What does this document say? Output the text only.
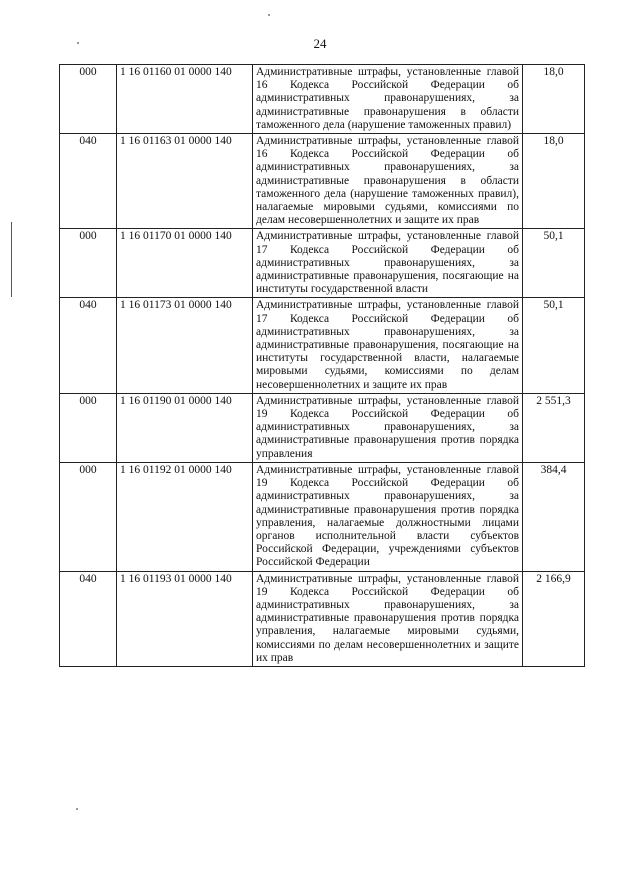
24
000	1 16 01160 01 0000 140	Административные штрафы, установленные главой 16 Кодекса Российской Федерации об административных правонарушениях, за административные правонарушения в области таможенного дела (нарушение таможенных правил)	18,0
040	1 16 01163 01 0000 140	Административные штрафы, установленные главой 16 Кодекса Российской Федерации об административных правонарушениях, за административные правонарушения в области таможенного дела (нарушение таможенных правил), налагаемые мировыми судьями, комиссиями по делам несовершеннолетних и защите их прав	18,0
000	1 16 01170 01 0000 140	Административные штрафы, установленные главой 17 Кодекса Российской Федерации об административных правонарушениях, за административные правонарушения, посягающие на институты государственной власти	50,1
040	1 16 01173 01 0000 140	Административные штрафы, установленные главой 17 Кодекса Российской Федерации об административных правонарушениях, за административные правонарушения, посягающие на институты государственной власти, налагаемые мировыми судьями, комиссиями по делам несовершеннолетних и защите их прав	50,1
000	1 16 01190 01 0000 140	Административные штрафы, установленные главой 19 Кодекса Российской Федерации об административных правонарушениях, за административные правонарушения против порядка управления	2 551,3
000	1 16 01192 01 0000 140	Административные штрафы, установленные главой 19 Кодекса Российской Федерации об административных правонарушениях, за административные правонарушения против порядка управления, налагаемые должностными лицами органов исполнительной власти субъектов Российской Федерации, учреждениями субъектов Российской Федерации	384,4
040	1 16 01193 01 0000 140	Административные штрафы, установленные главой 19 Кодекса Российской Федерации об административных правонарушениях, за административные правонарушения против порядка управления, налагаемые мировыми судьями, комиссиями по делам несовершеннолетних и защите их прав	2 166,9
